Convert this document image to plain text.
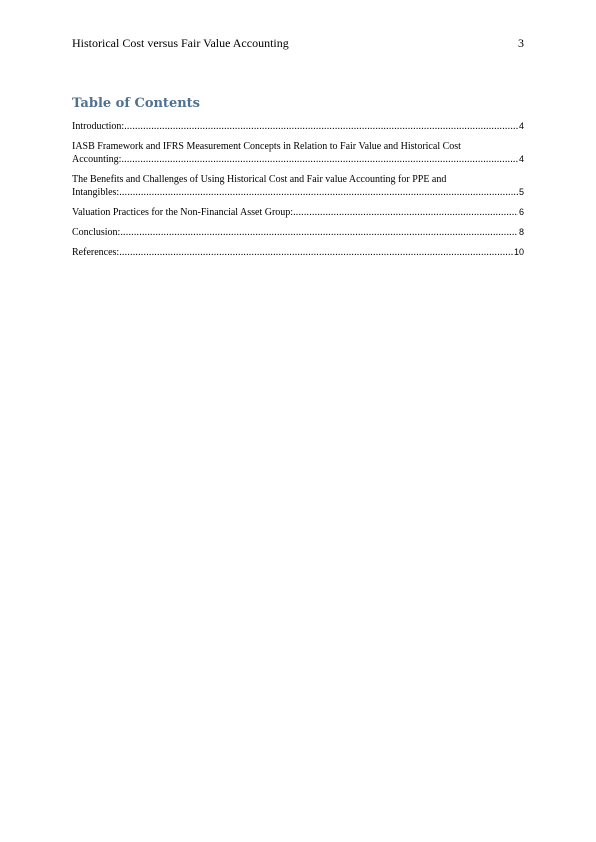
Historical Cost versus Fair Value Accounting	3
Table of Contents
Introduction: .....	4
IASB Framework and IFRS Measurement Concepts in Relation to Fair Value and Historical Cost
Accounting: .....	4
The Benefits and Challenges of Using Historical Cost and Fair value Accounting for PPE and
Intangibles: .....	5
Valuation Practices for the Non-Financial Asset Group: .....	6
Conclusion: .....	8
References: .....	10
